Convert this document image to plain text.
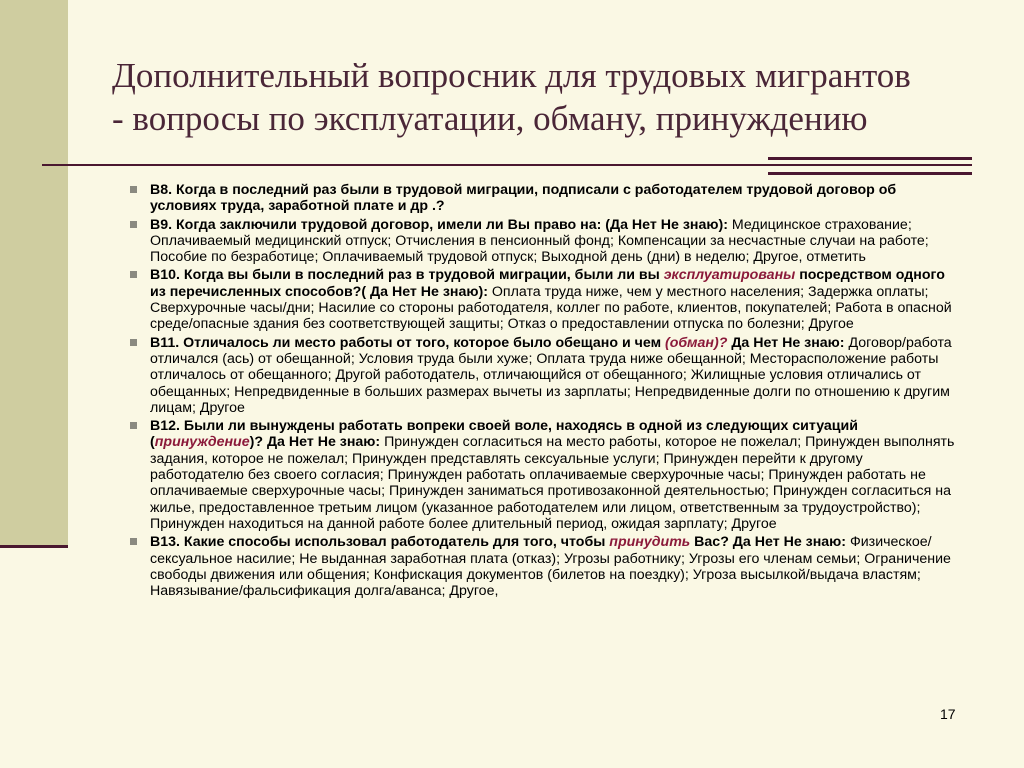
Дополнительный вопросник для трудовых мигрантов
- вопросы по эксплуатации, обману, принуждению
В8. Когда в последний раз были в трудовой миграции, подписали с работодателем трудовой договор об условиях труда, заработной плате и др .?
В9. Когда заключили трудовой договор, имели ли Вы право на: (Да Нет Не знаю): Медицинское страхование; Оплачиваемый медицинский отпуск; Отчисления в пенсионный фонд; Компенсации за несчастные случаи на работе; Пособие по безработице; Оплачиваемый трудовой отпуск; Выходной день (дни) в неделю; Другое, отметить
В10. Когда вы были в последний раз в трудовой миграции, были ли вы эксплуатированы посредством одного из перечисленных способов?( Да Нет Не знаю): Оплата труда ниже, чем у местного населения; Задержка оплаты; Сверхурочные часы/дни; Насилие со стороны работодателя, коллег по работе, клиентов, покупателей; Работа в опасной среде/опасные здания без соответствующей защиты; Отказ о предоставлении отпуска по болезни; Другое
В11. Отличалось ли место работы от того, которое было обещано и чем (обман)? Да Нет Не знаю: Договор/работа отличался (ась) от обещанной; Условия труда были хуже; Оплата труда ниже обещанной; Месторасположение работы отличалось от обещанного; Другой работодатель, отличающийся от обещанного; Жилищные условия отличались от обещанных; Непредвиденные в больших размерах вычеты из зарплаты; Непредвиденные долги по отношению к другим лицам; Другое
В12. Были ли вынуждены работать вопреки своей воле, находясь в одной из следующих ситуаций (принуждение)? Да Нет Не знаю: Принужден согласиться на место работы, которое не пожелал; Принужден выполнять задания, которое не пожелал; Принужден представлять сексуальные услуги; Принужден перейти к другому работодателю без своего согласия; Принужден работать оплачиваемые сверхурочные часы; Принужден работать не оплачиваемые сверхурочные часы; Принужден заниматься противозаконной деятельностью; Принужден согласиться на жилье, предоставленное третьим лицом (указанное работодателем или лицом, ответственным за трудоустройство); Принужден находиться на данной работе более длительный период, ожидая зарплату; Другое
В13. Какие способы использовал работодатель для того, чтобы принудить Вас? Да Нет Не знаю: Физическое/сексуальное насилие; Не выданная заработная плата (отказ); Угрозы работнику; Угрозы его членам семьи; Ограничение свободы движения или общения; Конфискация документов (билетов на поездку); Угроза высылкой/выдача властям; Навязывание/фальсификация долга/аванса; Другое,
17
